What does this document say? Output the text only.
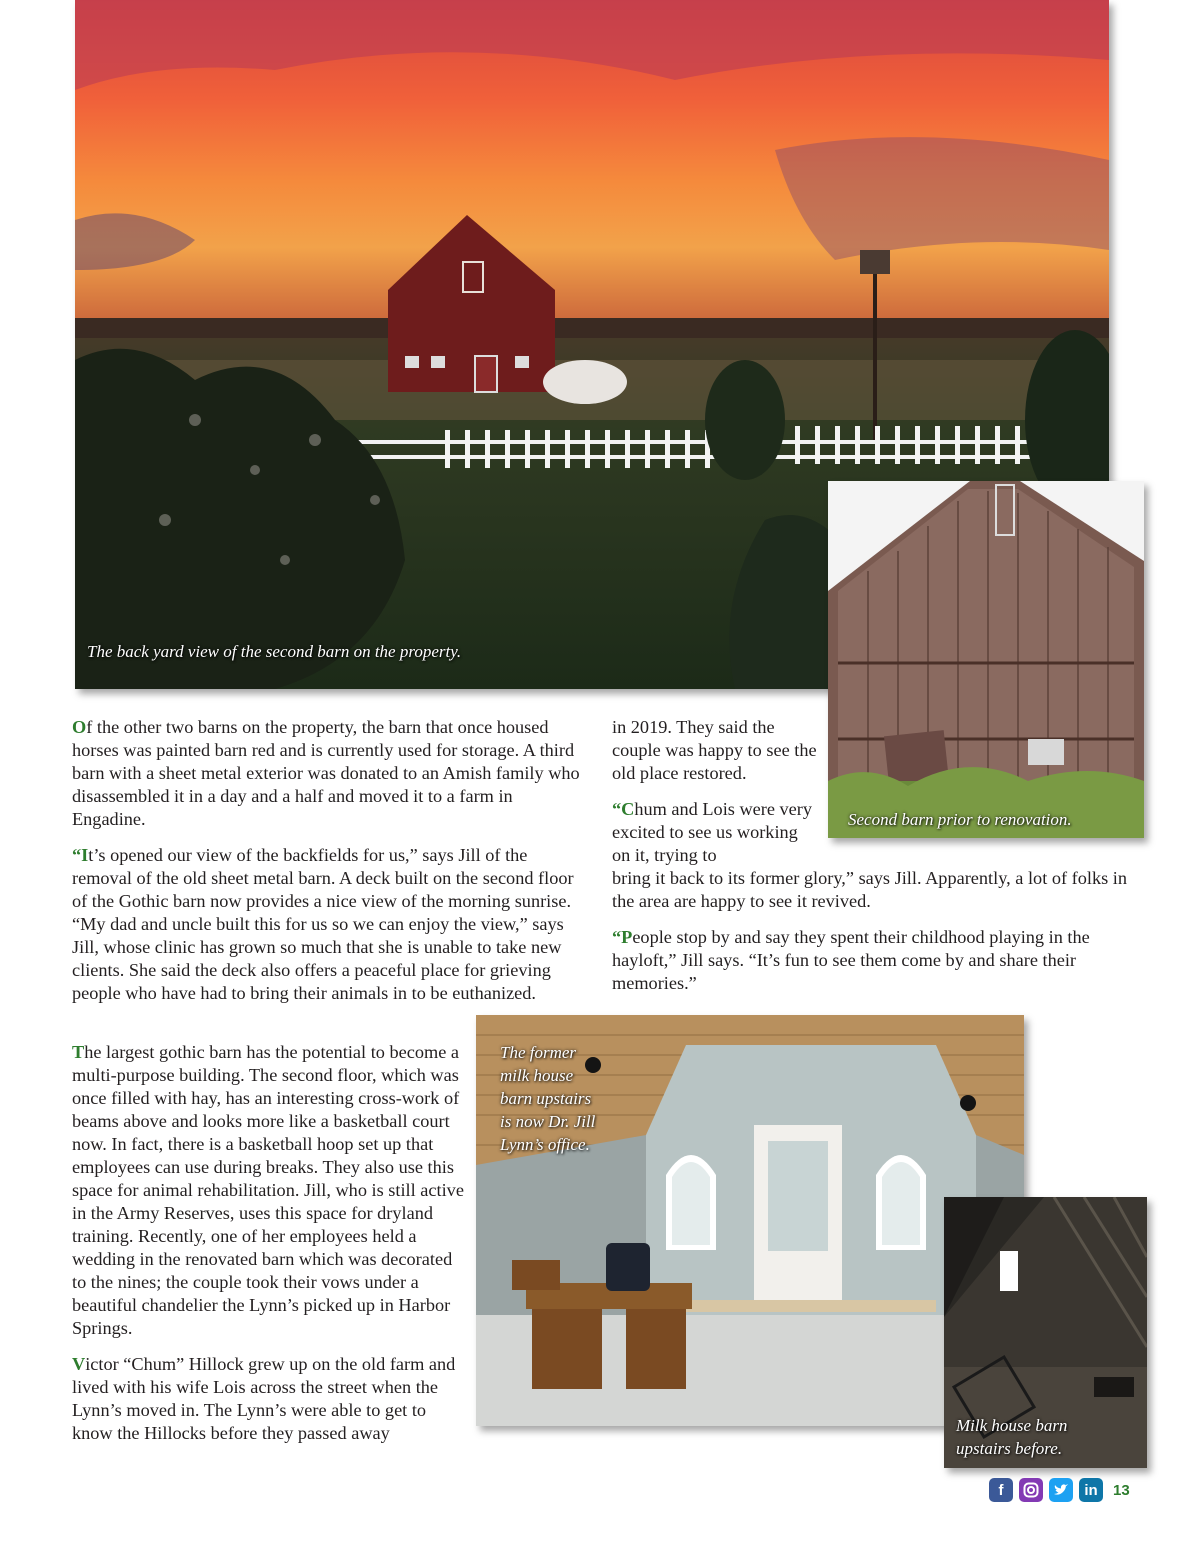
The back yard view of the second barn on the property.
Second barn prior to renovation.

Of the other two barns on the property, the barn that once housed horses was painted barn red and is currently used for storage. A third barn with a sheet metal exterior was donated to an Amish family who disassembled it in a day and a half and moved it to a farm in Engadine.

“It’s opened our view of the backfields for us,” says Jill of the removal of the old sheet metal barn. A deck built on the second floor of the Gothic barn now provides a nice view of the morning sunrise. “My dad and uncle built this for us so we can enjoy the view,” says Jill, whose clinic has grown so much that she is unable to take new clients. She said the deck also offers a peaceful place for grieving people who have had to bring their animals in to be euthanized.

The largest gothic barn has the potential to become a multi-purpose building. The second floor, which was once filled with hay, has an interesting cross-work of beams above and looks more like a basketball court now. In fact, there is a basketball hoop set up that employees can use during breaks. They also use this space for animal rehabilitation. Jill, who is still active in the Army Reserves, uses this space for dryland training. Recently, one of her employees held a wedding in the renovated barn which was decorated to the nines; the couple took their vows under a beautiful chandelier the Lynn’s picked up in Harbor Springs.

Victor “Chum” Hillock grew up on the old farm and lived with his wife Lois across the street when the Lynn’s moved in. The Lynn’s were able to get to know the Hillocks before they passed away

in 2019. They said the couple was happy to see the old place restored.

“Chum and Lois were very excited to see us working on it, trying to

bring it back to its former glory,” says Jill. Apparently, a lot of folks in the area are happy to see it revived.

“People stop by and say they spent their childhood playing in the hayloft,” Jill says. “It’s fun to see them come by and share their memories.”

The former
milk house
barn upstairs
is now Dr. Jill
Lynn’s office.
Milk house barn
upstairs before.
f	in	13
